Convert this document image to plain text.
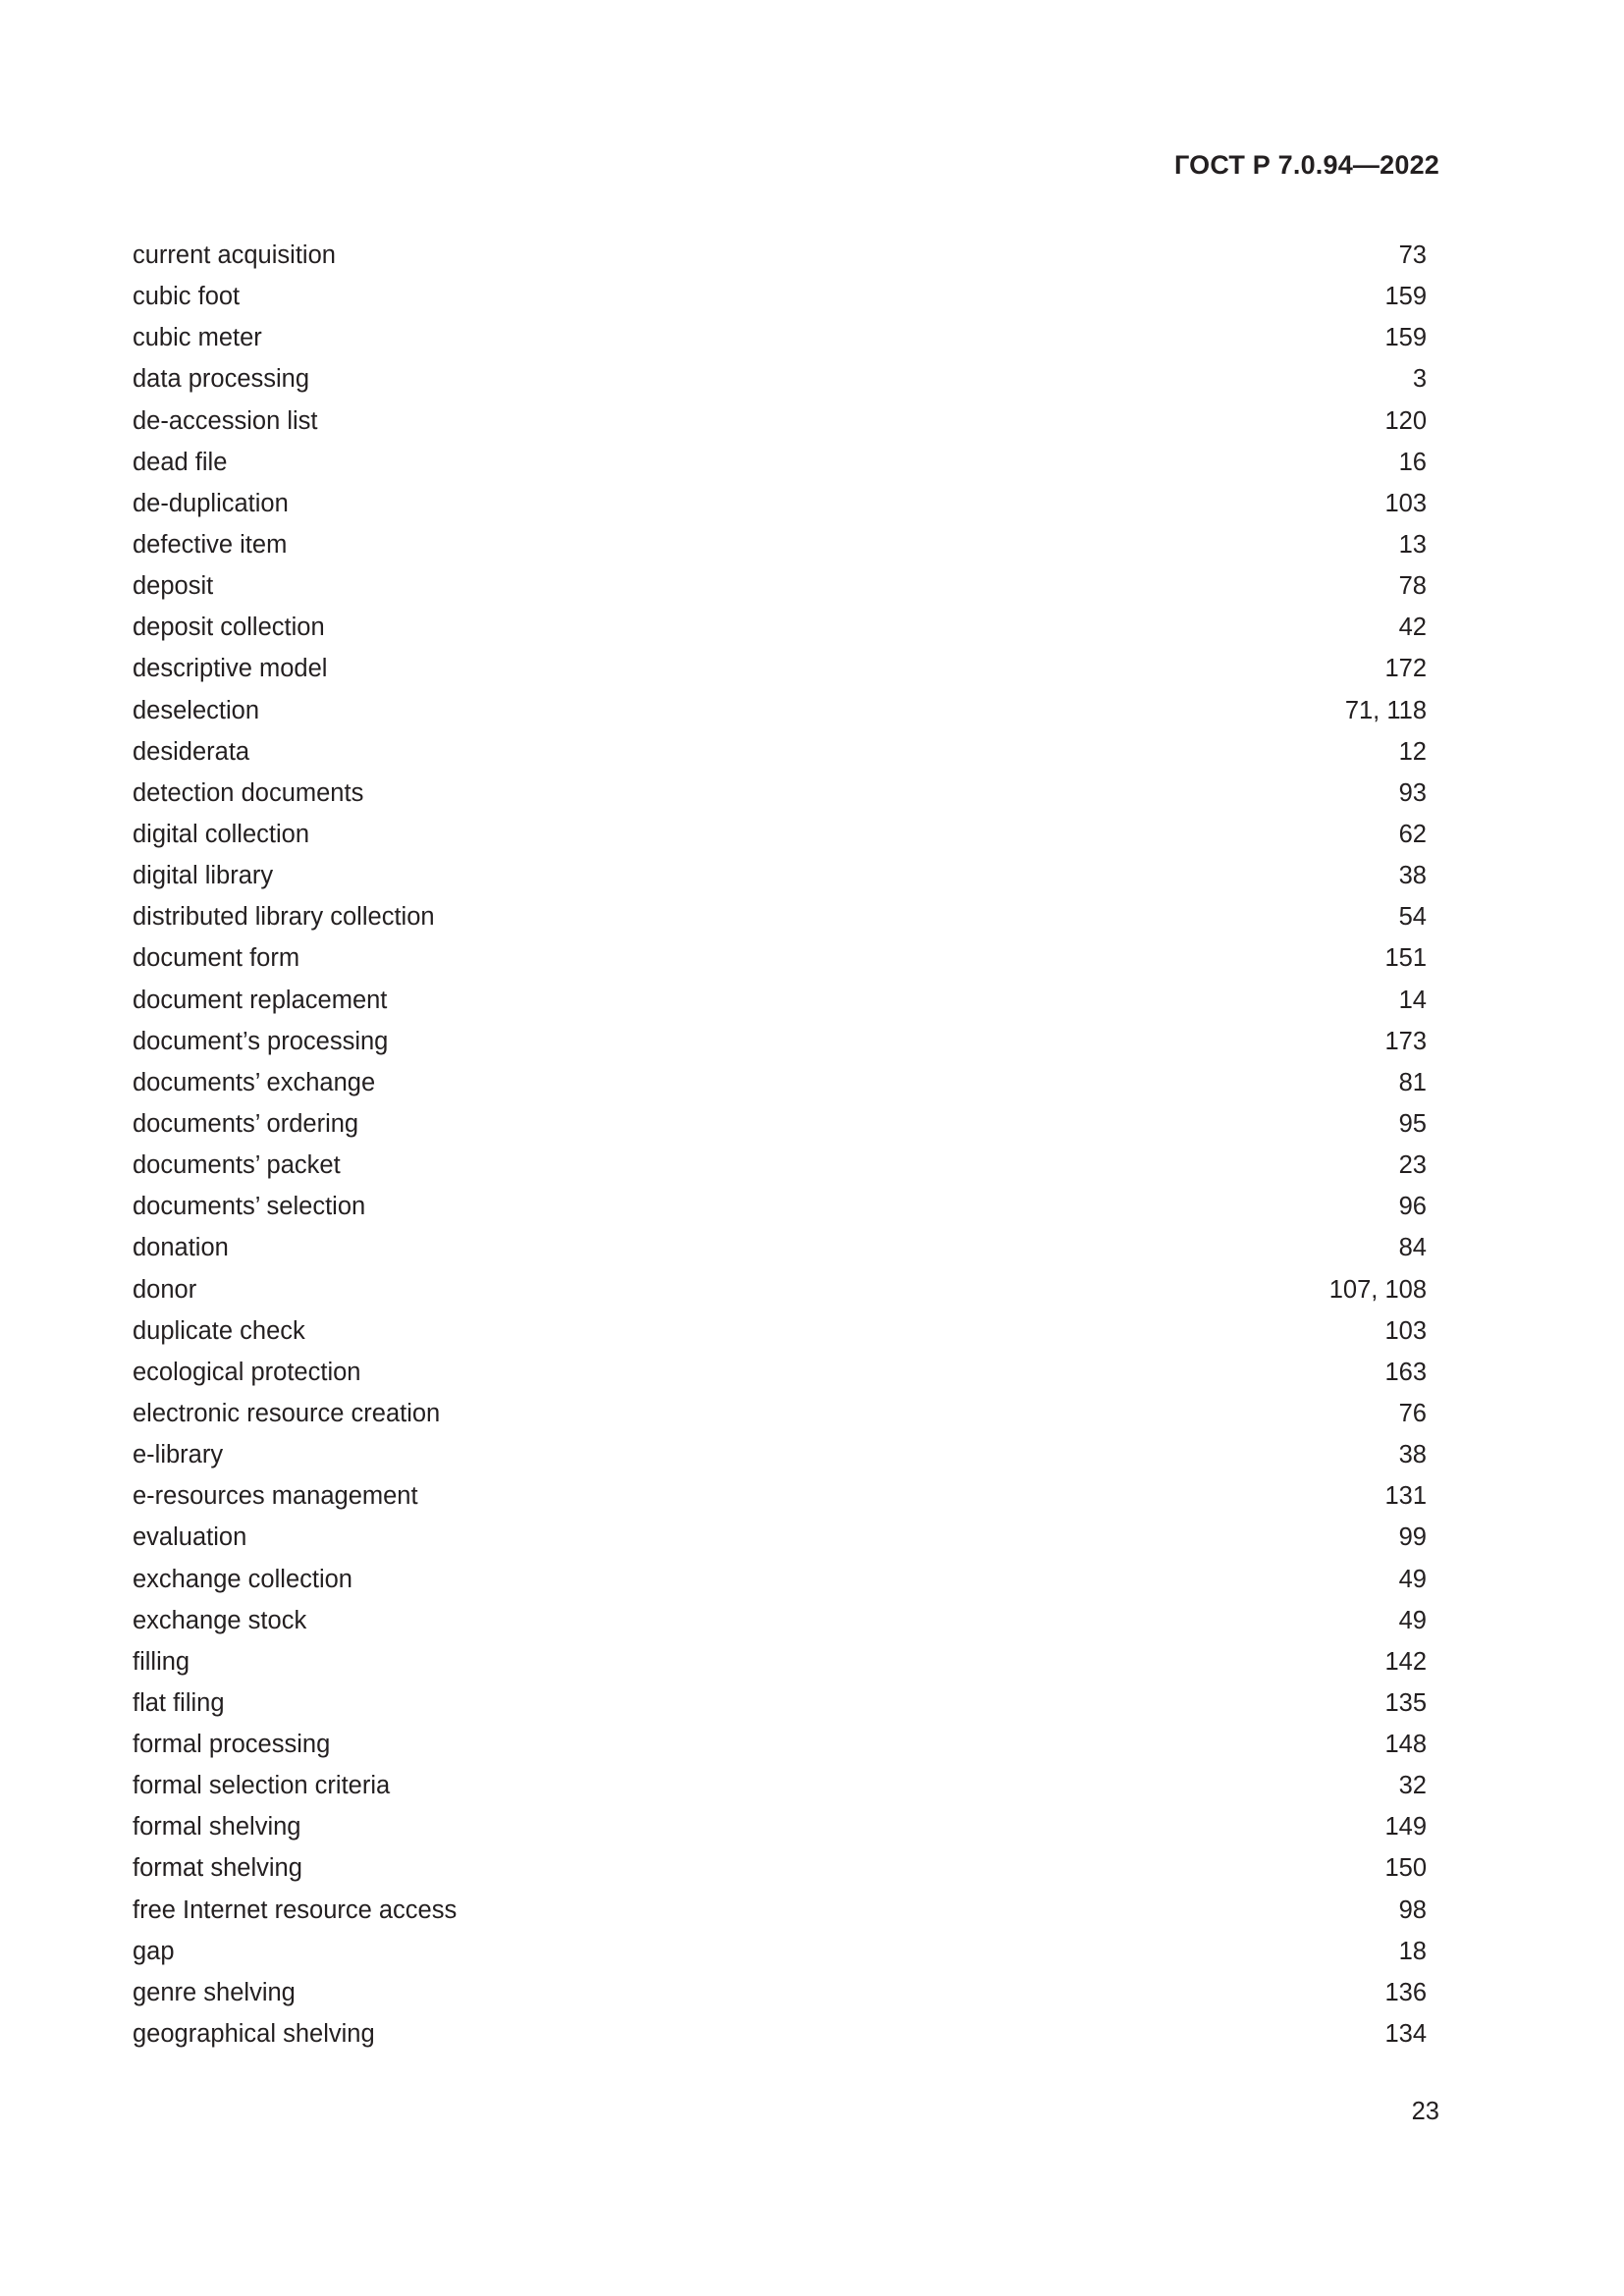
ГОСТ Р 7.0.94—2022
current acquisition	73
cubic foot	159
cubic meter	159
data processing	3
de-accession list	120
dead file	16
de-duplication	103
defective item	13
deposit	78
deposit collection	42
descriptive model	172
deselection	71, 118
desiderata	12
detection documents	93
digital collection	62
digital library	38
distributed library collection	54
document form	151
document replacement	14
document’s processing	173
documents’ exchange	81
documents’ ordering	95
documents’ packet	23
documents’ selection	96
donation	84
donor	107, 108
duplicate check	103
ecological protection	163
electronic resource creation	76
e-library	38
e-resources management	131
evaluation	99
exchange collection	49
exchange stock	49
filling	142
flat filing	135
formal processing	148
formal selection criteria	32
formal shelving	149
format shelving	150
free Internet resource access	98
gap	18
genre shelving	136
geographical shelving	134
23
